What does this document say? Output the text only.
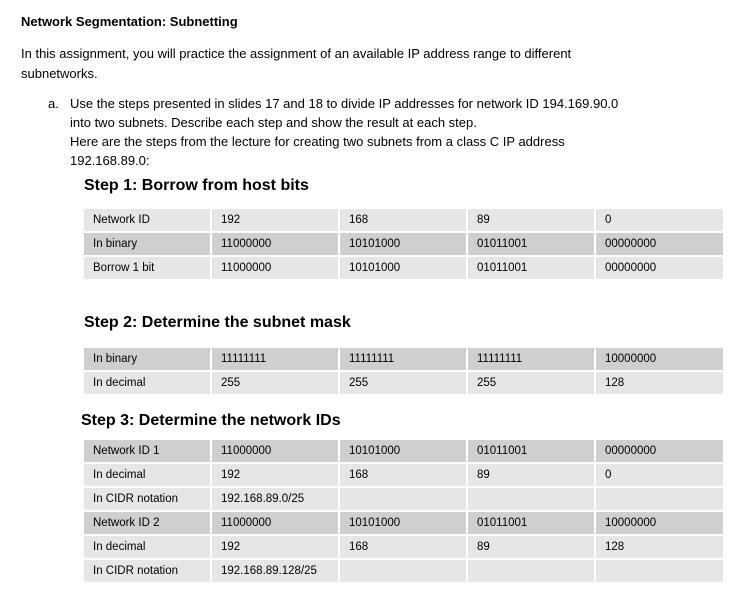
Network Segmentation: Subnetting
In this assignment, you will practice the assignment of an available IP address range to different subnetworks.
a. Use the steps presented in slides 17 and 18 to divide IP addresses for network ID 194.169.90.0
into two subnets. Describe each step and show the result at each step.
Here are the steps from the lecture for creating two subnets from a class C IP address
192.168.89.0:
Step 1: Borrow from host bits
Network ID	192	168	89	0
In binary	11000000	10101000	01011001	00000000
Borrow 1 bit	11000000	10101000	01011001	00000000
Step 2: Determine the subnet mask
In binary	11111111	11111111	11111111	10000000
In decimal	255	255	255	128
Step 3: Determine the network IDs
Network ID 1	11000000	10101000	01011001	00000000
In decimal	192	168	89	0
In CIDR notation	192.168.89.0/25			
Network ID 2	11000000	10101000	01011001	10000000
In decimal	192	168	89	128
In CIDR notation	192.168.89.128/25			
